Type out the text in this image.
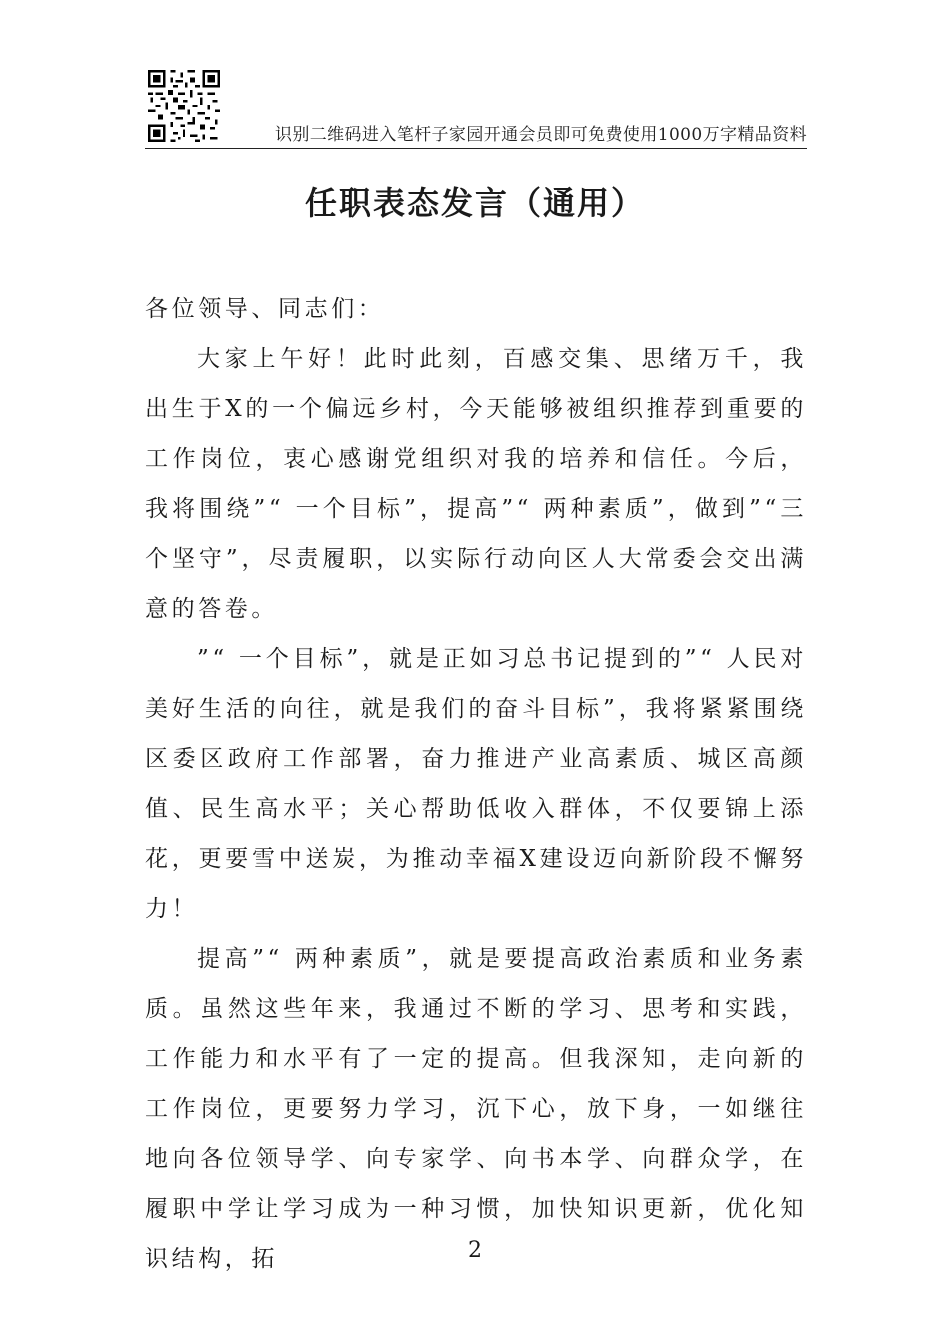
识别二维码进入笔杆子家园开通会员即可免费使用1000万字精品资料
任职表态发言（通用）

各位领导、同志们：

大家上午好！此时此刻，百感交集、思绪万千，我出生于X的一个偏远乡村，今天能够被组织推荐到重要的工作岗位，衷心感谢党组织对我的培养和信任。今后，我将围绕”“ 一个目标”，提高”“ 两种素质”，做到”“三个坚守”，尽责履职，以实际行动向区人大常委会交出满意的答卷。

”“ 一个目标”，就是正如习总书记提到的”“ 人民对美好生活的向往，就是我们的奋斗目标”，我将紧紧围绕区委区政府工作部署，奋力推进产业高素质、城区高颜值、民生高水平；关心帮助低收入群体，不仅要锦上添花，更要雪中送炭，为推动幸福X建设迈向新阶段不懈努力！

提高”“ 两种素质”，就是要提高政治素质和业务素质。虽然这些年来，我通过不断的学习、思考和实践，工作能力和水平有了一定的提高。但我深知，走向新的工作岗位，更要努力学习，沉下心，放下身，一如继往地向各位领导学、向专家学、向书本学、向群众学，在履职中学让学习成为一种习惯，加快知识更新，优化知识结构，拓	2
